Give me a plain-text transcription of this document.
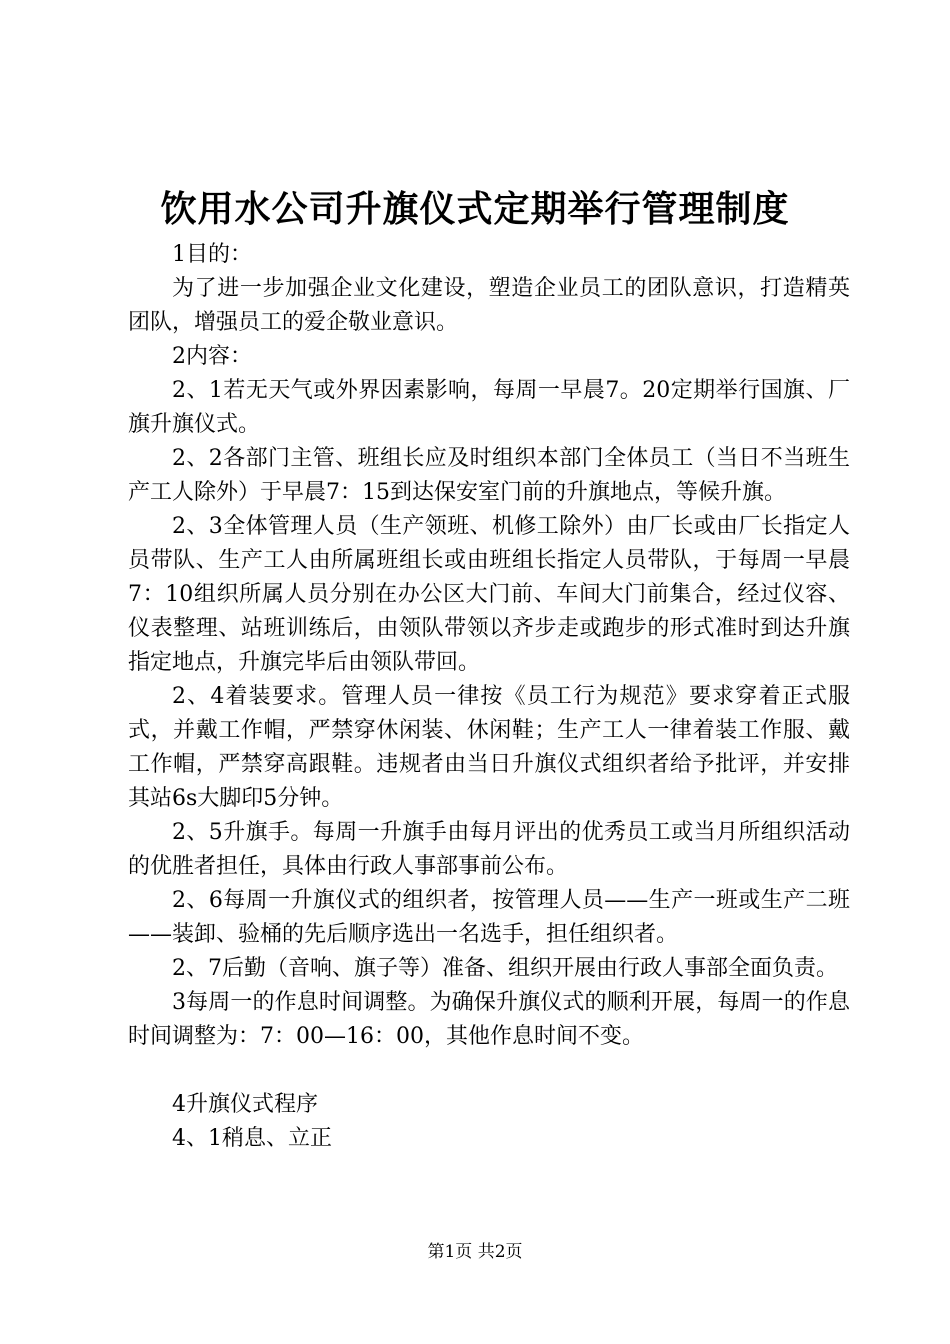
饮用水公司升旗仪式定期举行管理制度

1目的：

为了进一步加强企业文化建设，塑造企业员工的团队意识，打造精英团队，增强员工的爱企敬业意识。

2内容：

2、1若无天气或外界因素影响，每周一早晨7。20定期举行国旗、厂旗升旗仪式。

2、2各部门主管、班组长应及时组织本部门全体员工（当日不当班生产工人除外）于早晨7：15到达保安室门前的升旗地点，等候升旗。

2、3全体管理人员（生产领班、机修工除外）由厂长或由厂长指定人员带队、生产工人由所属班组长或由班组长指定人员带队，于每周一早晨7：10组织所属人员分别在办公区大门前、车间大门前集合，经过仪容、仪表整理、站班训练后，由领队带领以齐步走或跑步的形式准时到达升旗指定地点，升旗完毕后由领队带回。

2、4着装要求。管理人员一律按《员工行为规范》要求穿着正式服式，并戴工作帽，严禁穿休闲装、休闲鞋；生产工人一律着装工作服、戴工作帽，严禁穿高跟鞋。违规者由当日升旗仪式组织者给予批评，并安排其站6s大脚印5分钟。

2、5升旗手。每周一升旗手由每月评出的优秀员工或当月所组织活动的优胜者担任，具体由行政人事部事前公布。

2、6每周一升旗仪式的组织者，按管理人员——生产一班或生产二班——装卸、验桶的先后顺序选出一名选手，担任组织者。

2、7后勤（音响、旗子等）准备、组织开展由行政人事部全面负责。

3每周一的作息时间调整。为确保升旗仪式的顺利开展，每周一的作息时间调整为：7：00—16：00，其他作息时间不变。

4升旗仪式程序

4、1稍息、立正

第1页 共2页
